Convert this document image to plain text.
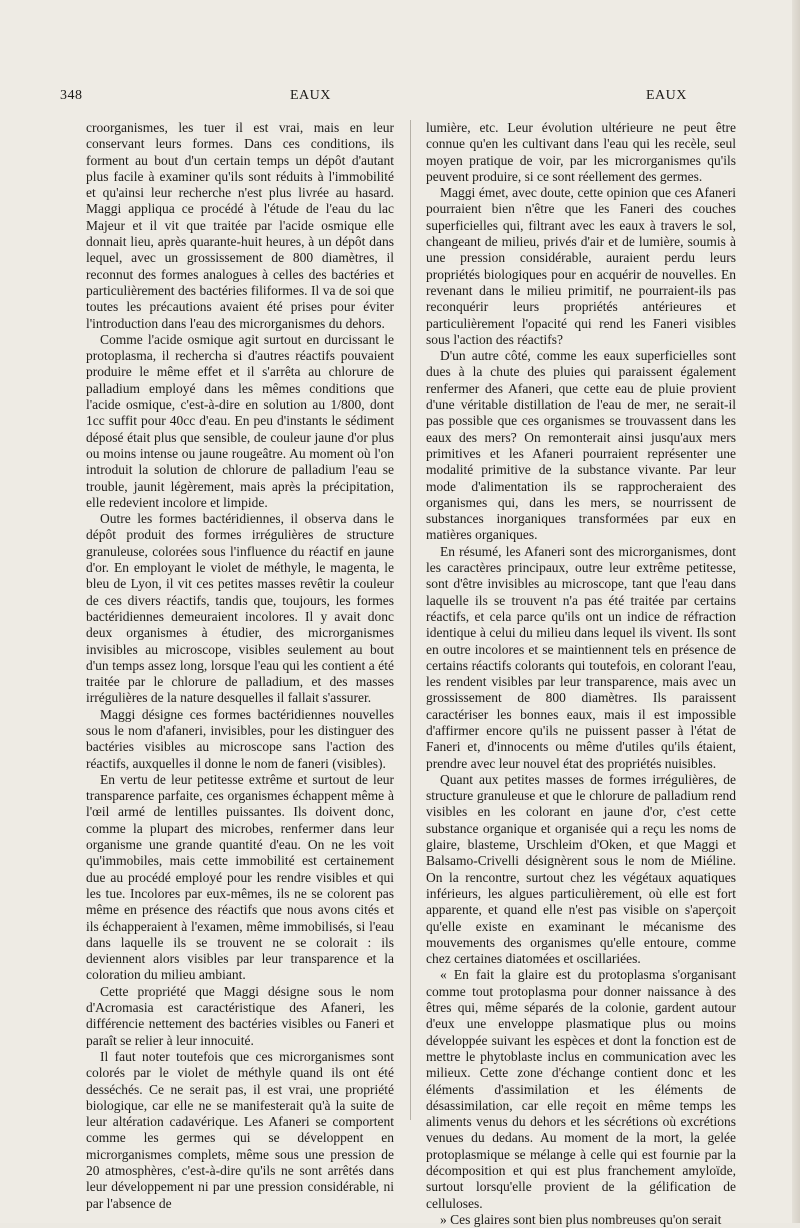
348	EAUX	EAUX

croorganismes, les tuer il est vrai, mais en leur conservant leurs formes. Dans ces conditions, ils forment au bout d'un certain temps un dépôt d'autant plus facile à examiner qu'ils sont réduits à l'immobilité et qu'ainsi leur recherche n'est plus livrée au hasard. Maggi appliqua ce procédé à l'étude de l'eau du lac Majeur et il vit que traitée par l'acide osmique elle donnait lieu, après quarante-huit heures, à un dépôt dans lequel, avec un grossissement de 800 diamètres, il reconnut des formes analogues à celles des bactéries et particulièrement des bactéries filiformes. Il va de soi que toutes les précautions avaient été prises pour éviter l'introduction dans l'eau des microrganismes du dehors.

Comme l'acide osmique agit surtout en durcissant le protoplasma, il rechercha si d'autres réactifs pouvaient produire le même effet et il s'arrêta au chlorure de palladium employé dans les mêmes conditions que l'acide osmique, c'est-à-dire en solution au 1/800, dont 1cc suffit pour 40cc d'eau. En peu d'instants le sédiment déposé était plus que sensible, de couleur jaune d'or plus ou moins intense ou jaune rougeâtre. Au moment où l'on introduit la solution de chlorure de palladium l'eau se trouble, jaunit légèrement, mais après la précipitation, elle redevient incolore et limpide.

Outre les formes bactéridiennes, il observa dans le dépôt produit des formes irrégulières de structure granuleuse, colorées sous l'influence du réactif en jaune d'or. En employant le violet de méthyle, le magenta, le bleu de Lyon, il vit ces petites masses revêtir la couleur de ces divers réactifs, tandis que, toujours, les formes bactéridiennes demeuraient incolores. Il y avait donc deux organismes à étudier, des microrganismes invisibles au microscope, visibles seulement au bout d'un temps assez long, lorsque l'eau qui les contient a été traitée par le chlorure de palladium, et des masses irrégulières de la nature desquelles il fallait s'assurer.

Maggi désigne ces formes bactéridiennes nouvelles sous le nom d'afaneri, invisibles, pour les distinguer des bactéries visibles au microscope sans l'action des réactifs, auxquelles il donne le nom de faneri (visibles).

En vertu de leur petitesse extrême et surtout de leur transparence parfaite, ces organismes échappent même à l'œil armé de lentilles puissantes. Ils doivent donc, comme la plupart des microbes, renfermer dans leur organisme une grande quantité d'eau. On ne les voit qu'immobiles, mais cette immobilité est certainement due au procédé employé pour les rendre visibles et qui les tue. Incolores par eux-mêmes, ils ne se colorent pas même en présence des réactifs que nous avons cités et ils échapperaient à l'examen, même immobilisés, si l'eau dans laquelle ils se trouvent ne se colorait : ils deviennent alors visibles par leur transparence et la coloration du milieu ambiant.

Cette propriété que Maggi désigne sous le nom d'Acromasia est caractéristique des Afaneri, les différencie nettement des bactéries visibles ou Faneri et paraît se relier à leur innocuité.

Il faut noter toutefois que ces microrganismes sont colorés par le violet de méthyle quand ils ont été desséchés. Ce ne serait pas, il est vrai, une propriété biologique, car elle ne se manifesterait qu'à la suite de leur altération cadavérique. Les Afaneri se comportent comme les germes qui se développent en microrganismes complets, même sous une pression de 20 atmosphères, c'est-à-dire qu'ils ne sont arrêtés dans leur développement ni par une pression considérable, ni par l'absence de

lumière, etc. Leur évolution ultérieure ne peut être connue qu'en les cultivant dans l'eau qui les recèle, seul moyen pratique de voir, par les microrganismes qu'ils peuvent produire, si ce sont réellement des germes.

Maggi émet, avec doute, cette opinion que ces Afaneri pourraient bien n'être que les Faneri des couches superficielles qui, filtrant avec les eaux à travers le sol, changeant de milieu, privés d'air et de lumière, soumis à une pression considérable, auraient perdu leurs propriétés biologiques pour en acquérir de nouvelles. En revenant dans le milieu primitif, ne pourraient-ils pas reconquérir leurs propriétés antérieures et particulièrement l'opacité qui rend les Faneri visibles sous l'action des réactifs?

D'un autre côté, comme les eaux superficielles sont dues à la chute des pluies qui paraissent également renfermer des Afaneri, que cette eau de pluie provient d'une véritable distillation de l'eau de mer, ne serait-il pas possible que ces organismes se trouvassent dans les eaux des mers? On remonterait ainsi jusqu'aux mers primitives et les Afaneri pourraient représenter une modalité primitive de la substance vivante. Par leur mode d'alimentation ils se rapprocheraient des organismes qui, dans les mers, se nourrissent de substances inorganiques transformées par eux en matières organiques.

En résumé, les Afaneri sont des microrganismes, dont les caractères principaux, outre leur extrême petitesse, sont d'être invisibles au microscope, tant que l'eau dans laquelle ils se trouvent n'a pas été traitée par certains réactifs, et cela parce qu'ils ont un indice de réfraction identique à celui du milieu dans lequel ils vivent. Ils sont en outre incolores et se maintiennent tels en présence de certains réactifs colorants qui toutefois, en colorant l'eau, les rendent visibles par leur transparence, mais avec un grossissement de 800 diamètres. Ils paraissent caractériser les bonnes eaux, mais il est impossible d'affirmer encore qu'ils ne puissent passer à l'état de Faneri et, d'innocents ou même d'utiles qu'ils étaient, prendre avec leur nouvel état des propriétés nuisibles.

Quant aux petites masses de formes irrégulières, de structure granuleuse et que le chlorure de palladium rend visibles en les colorant en jaune d'or, c'est cette substance organique et organisée qui a reçu les noms de glaire, blasteme, Urschleim d'Oken, et que Maggi et Balsamo-Crivelli désignèrent sous le nom de Miéline. On la rencontre, surtout chez les végétaux aquatiques inférieurs, les algues particulièrement, où elle est fort apparente, et quand elle n'est pas visible on s'aperçoit qu'elle existe en examinant le mécanisme des mouvements des organismes qu'elle entoure, comme chez certaines diatomées et oscillariées.

« En fait la glaire est du protoplasma s'organisant comme tout protoplasma pour donner naissance à des êtres qui, même séparés de la colonie, gardent autour d'eux une enveloppe plasmatique plus ou moins développée suivant les espèces et dont la fonction est de mettre le phytoblaste inclus en communication avec les milieux. Cette zone d'échange contient donc et les éléments d'assimilation et les éléments de désassimilation, car elle reçoit en même temps les aliments venus du dehors et les sécrétions où excrétions venues du dedans. Au moment de la mort, la gelée protoplasmique se mélange à celle qui est fournie par la décomposition et qui est plus franchement amyloïde, surtout lorsqu'elle provient de la gélification de celluloses.

» Ces glaires sont bien plus nombreuses qu'on serait
